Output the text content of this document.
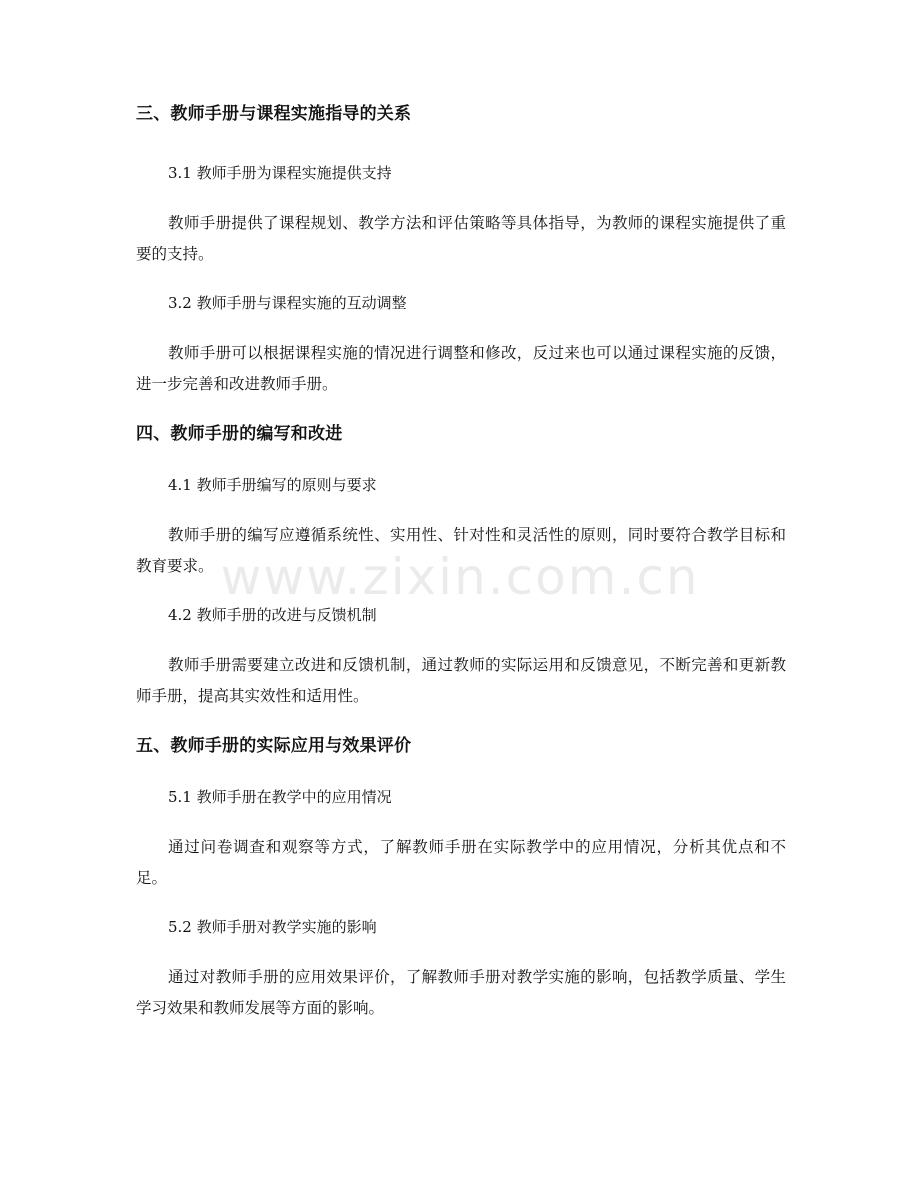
三、教师手册与课程实施指导的关系
3.1 教师手册为课程实施提供支持
教师手册提供了课程规划、教学方法和评估策略等具体指导，为教师的课程实施提供了重要的支持。
3.2 教师手册与课程实施的互动调整
教师手册可以根据课程实施的情况进行调整和修改，反过来也可以通过课程实施的反馈，进一步完善和改进教师手册。
四、教师手册的编写和改进
4.1 教师手册编写的原则与要求
教师手册的编写应遵循系统性、实用性、针对性和灵活性的原则，同时要符合教学目标和教育要求。
4.2 教师手册的改进与反馈机制
教师手册需要建立改进和反馈机制，通过教师的实际运用和反馈意见，不断完善和更新教师手册，提高其实效性和适用性。
五、教师手册的实际应用与效果评价
5.1 教师手册在教学中的应用情况
通过问卷调查和观察等方式，了解教师手册在实际教学中的应用情况，分析其优点和不足。
5.2 教师手册对教学实施的影响
通过对教师手册的应用效果评价，了解教师手册对教学实施的影响，包括教学质量、学生学习效果和教师发展等方面的影响。
www.zixin.com.cn
